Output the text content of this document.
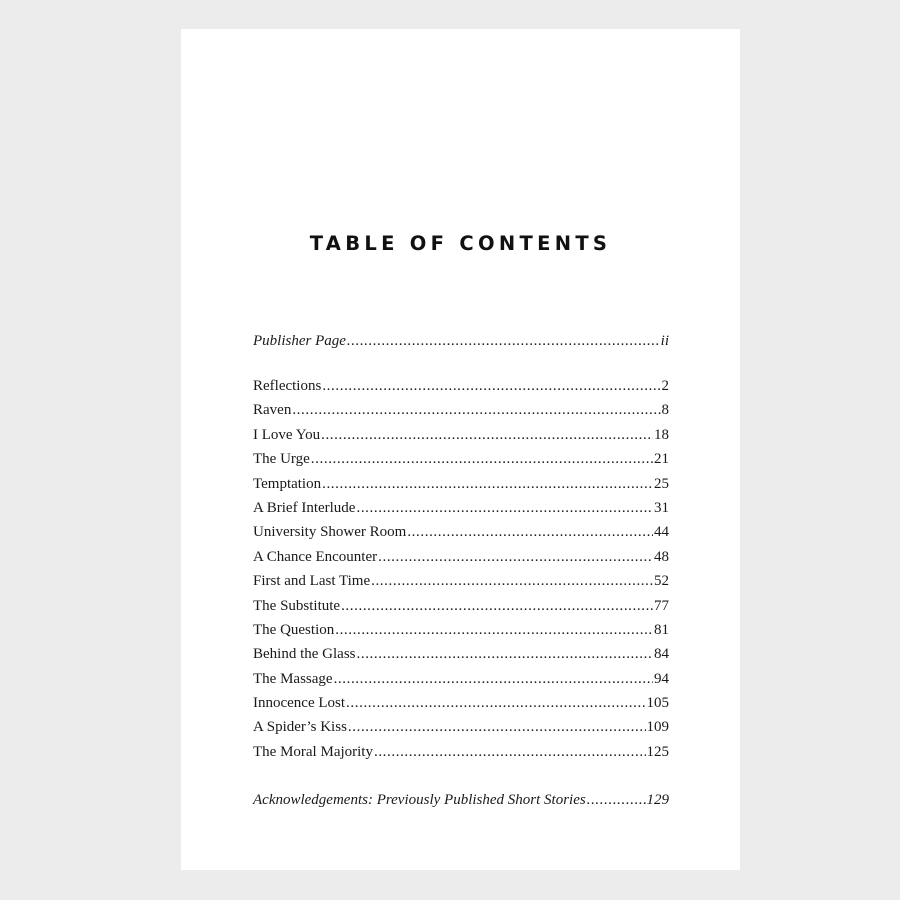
TABLE OF CONTENTS
Publisher Page .....	ii
Reflections .....	2
Raven .....	8
I Love You .....	18
The Urge .....	21
Temptation .....	25
A Brief Interlude .....	31
University Shower Room .....	44
A Chance Encounter .....	48
First and Last Time .....	52
The Substitute .....	77
The Question .....	81
Behind the Glass .....	84
The Massage .....	94
Innocence Lost .....	105
A Spider’s Kiss .....	109
The Moral Majority .....	125
Acknowledgements: Previously Published Short Stories .....	129
